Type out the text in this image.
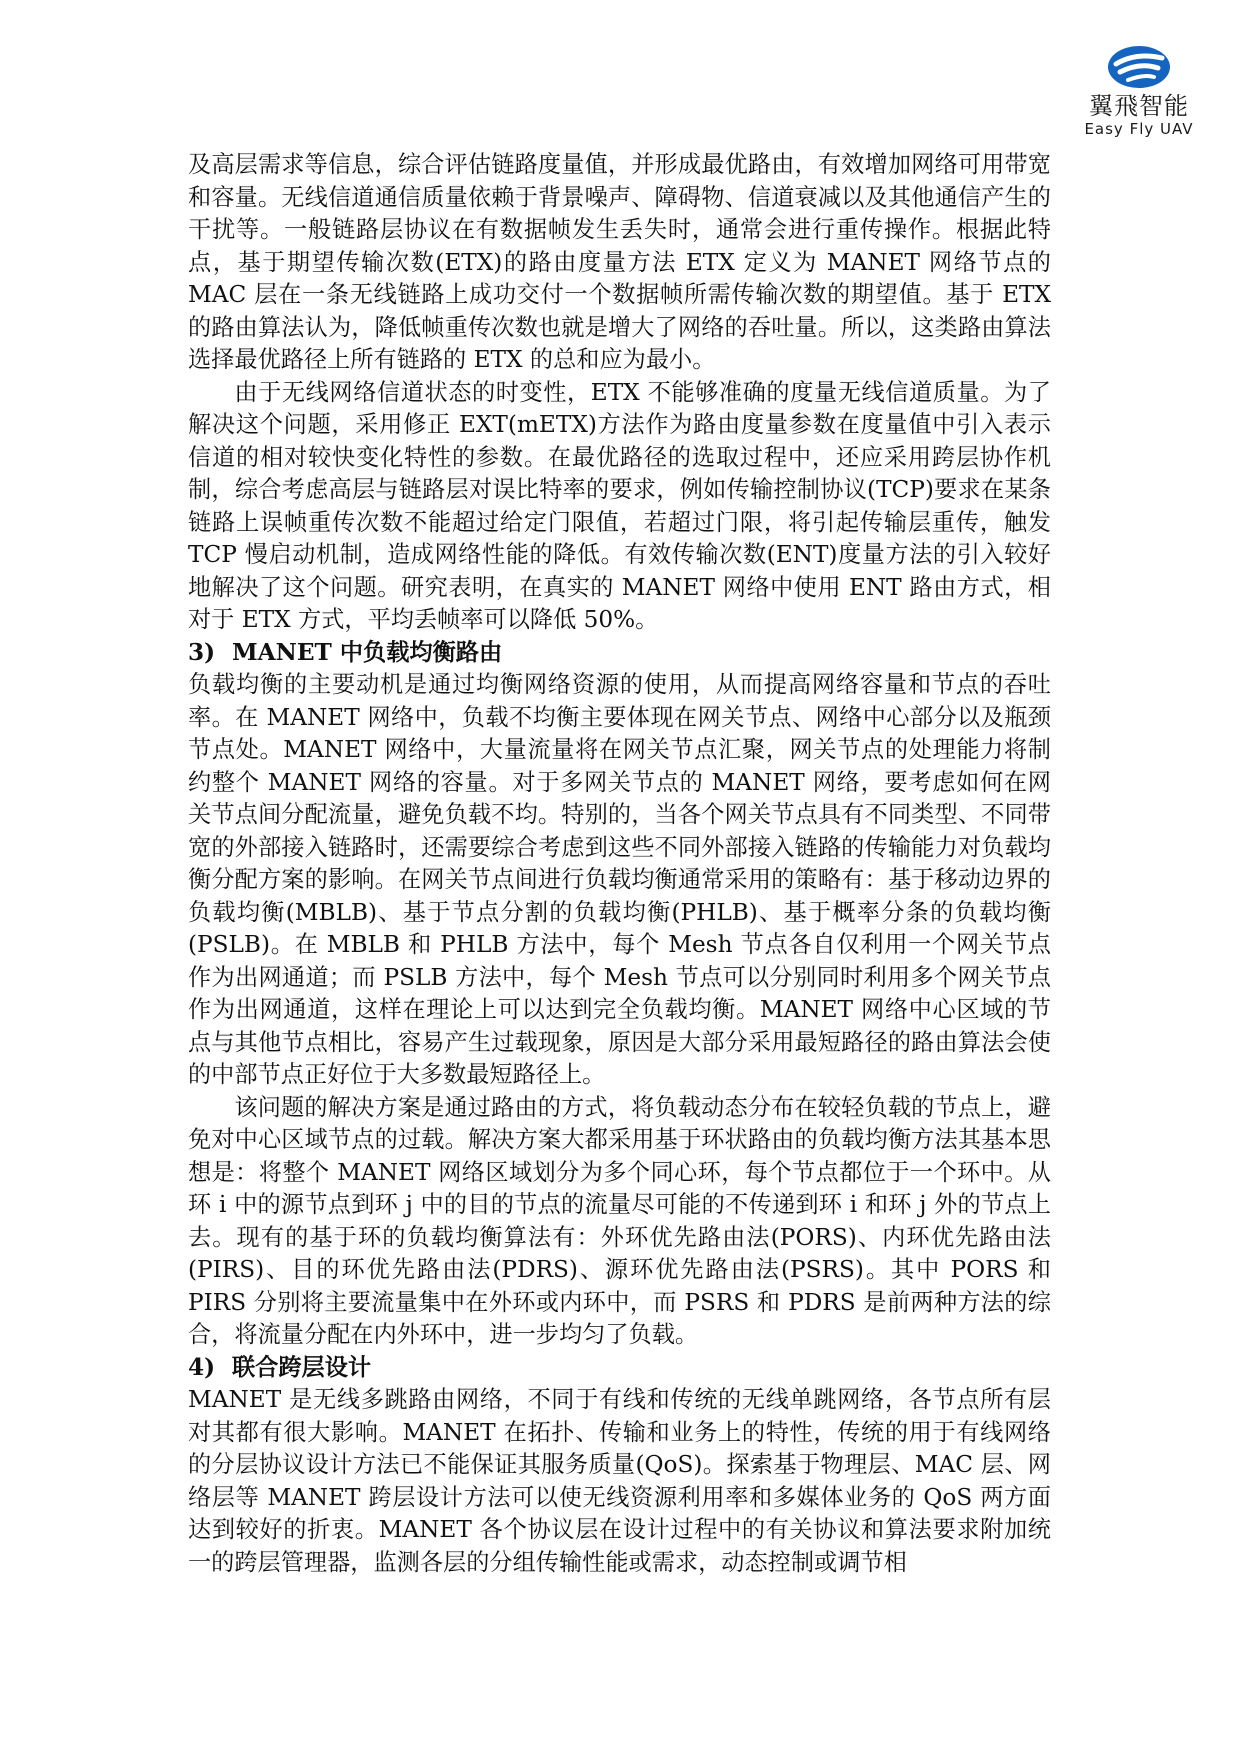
翼飛智能
Easy Fly UAV

及高层需求等信息，综合评估链路度量值，并形成最优路由，有效增加网络可用带宽和容量。无线信道通信质量依赖于背景噪声、障碍物、信道衰减以及其他通信产生的干扰等。一般链路层协议在有数据帧发生丢失时，通常会进行重传操作。根据此特点，基于期望传输次数(ETX)的路由度量方法 ETX 定义为 MANET 网络节点的 MAC 层在一条无线链路上成功交付一个数据帧所需传输次数的期望值。基于 ETX 的路由算法认为，降低帧重传次数也就是增大了网络的吞吐量。所以，这类路由算法选择最优路径上所有链路的 ETX 的总和应为最小。

由于无线网络信道状态的时变性，ETX 不能够准确的度量无线信道质量。为了解决这个问题，采用修正 EXT(mETX)方法作为路由度量参数在度量值中引入表示信道的相对较快变化特性的参数。在最优路径的选取过程中，还应采用跨层协作机制，综合考虑高层与链路层对误比特率的要求，例如传输控制协议(TCP)要求在某条链路上误帧重传次数不能超过给定门限值，若超过门限，将引起传输层重传，触发 TCP 慢启动机制，造成网络性能的降低。有效传输次数(ENT)度量方法的引入较好地解决了这个问题。研究表明，在真实的 MANET 网络中使用 ENT 路由方式，相对于 ETX 方式，平均丢帧率可以降低 50%。

3) MANET 中负载均衡路由

负载均衡的主要动机是通过均衡网络资源的使用，从而提高网络容量和节点的吞吐率。在 MANET 网络中，负载不均衡主要体现在网关节点、网络中心部分以及瓶颈节点处。MANET 网络中，大量流量将在网关节点汇聚，网关节点的处理能力将制约整个 MANET 网络的容量。对于多网关节点的 MANET 网络，要考虑如何在网关节点间分配流量，避免负载不均。特别的，当各个网关节点具有不同类型、不同带宽的外部接入链路时，还需要综合考虑到这些不同外部接入链路的传输能力对负载均衡分配方案的影响。在网关节点间进行负载均衡通常采用的策略有：基于移动边界的负载均衡(MBLB)、基于节点分割的负载均衡(PHLB)、基于概率分条的负载均衡(PSLB)。在 MBLB 和 PHLB 方法中，每个 Mesh 节点各自仅利用一个网关节点作为出网通道；而 PSLB 方法中，每个 Mesh 节点可以分别同时利用多个网关节点作为出网通道，这样在理论上可以达到完全负载均衡。MANET 网络中心区域的节点与其他节点相比，容易产生过载现象，原因是大部分采用最短路径的路由算法会使的中部节点正好位于大多数最短路径上。

该问题的解决方案是通过路由的方式，将负载动态分布在较轻负载的节点上，避免对中心区域节点的过载。解决方案大都采用基于环状路由的负载均衡方法其基本思想是：将整个 MANET 网络区域划分为多个同心环，每个节点都位于一个环中。从环 i 中的源节点到环 j 中的目的节点的流量尽可能的不传递到环 i 和环 j 外的节点上去。现有的基于环的负载均衡算法有：外环优先路由法(PORS)、内环优先路由法(PIRS)、目的环优先路由法(PDRS)、源环优先路由法(PSRS)。其中 PORS 和 PIRS 分别将主要流量集中在外环或内环中，而 PSRS 和 PDRS 是前两种方法的综合，将流量分配在内外环中，进一步均匀了负载。

4) 联合跨层设计

MANET 是无线多跳路由网络，不同于有线和传统的无线单跳网络，各节点所有层对其都有很大影响。MANET 在拓扑、传输和业务上的特性，传统的用于有线网络的分层协议设计方法已不能保证其服务质量(QoS)。探索基于物理层、MAC 层、网络层等 MANET 跨层设计方法可以使无线资源利用率和多媒体业务的 QoS 两方面达到较好的折衷。MANET 各个协议层在设计过程中的有关协议和算法要求附加统一的跨层管理器，监测各层的分组传输性能或需求，动态控制或调节相
